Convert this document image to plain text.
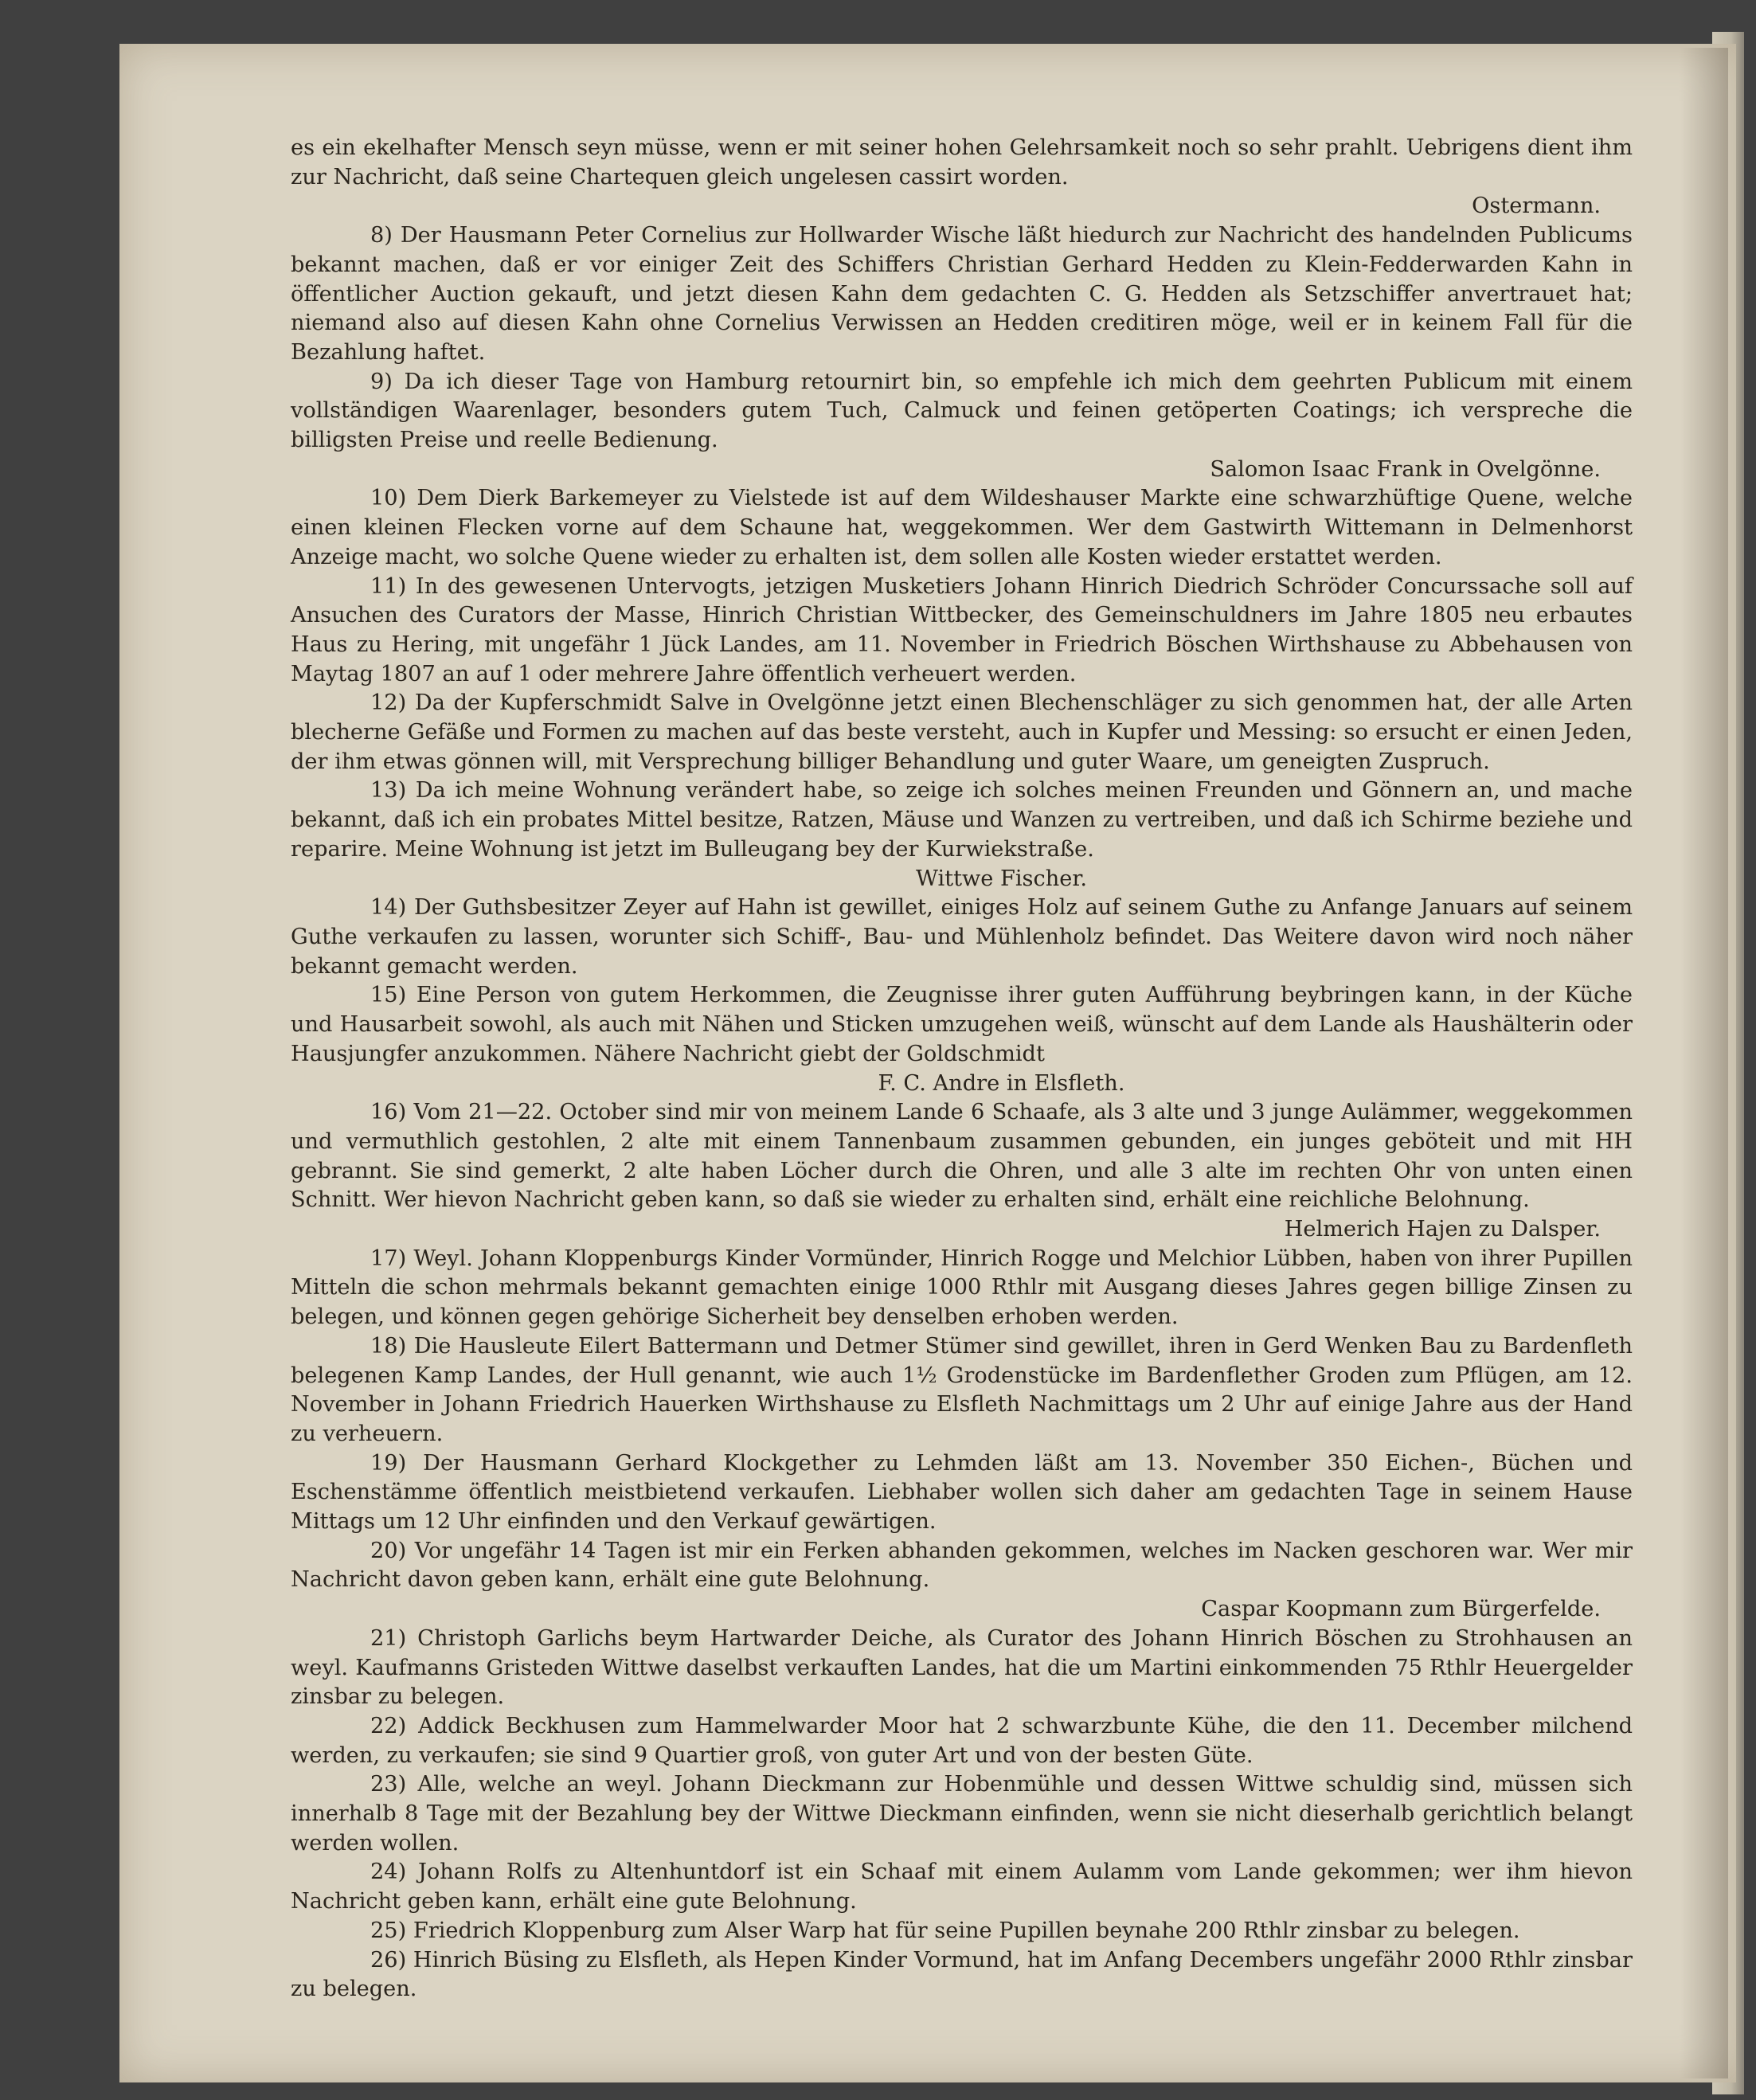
es ein ekelhafter Mensch seyn müsse, wenn er mit seiner hohen Gelehrsamkeit noch so sehr prahlt. Uebrigens dient ihm zur Nachricht, daß seine Chartequen gleich ungelesen cassirt worden.
Ostermann.

8) Der Hausmann Peter Cornelius zur Hollwarder Wische läßt hiedurch zur Nachricht des handelnden Publicums bekannt machen, daß er vor einiger Zeit des Schiffers Christian Gerhard Hedden zu Klein-Fedderwarden Kahn in öffentlicher Auction gekauft, und jetzt diesen Kahn dem gedachten C. G. Hedden als Setzschiffer anvertrauet hat; niemand also auf diesen Kahn ohne Cornelius Verwissen an Hedden creditiren möge, weil er in keinem Fall für die Bezahlung haftet.

9) Da ich dieser Tage von Hamburg retournirt bin, so empfehle ich mich dem geehrten Publicum mit einem vollständigen Waarenlager, besonders gutem Tuch, Calmuck und feinen getöperten Coatings; ich verspreche die billigsten Preise und reelle Bedienung.
Salomon Isaac Frank in Ovelgönne.

10) Dem Dierk Barkemeyer zu Vielstede ist auf dem Wildeshauser Markte eine schwarzhüftige Quene, welche einen kleinen Flecken vorne auf dem Schaune hat, weggekommen. Wer dem Gastwirth Wittemann in Delmenhorst Anzeige macht, wo solche Quene wieder zu erhalten ist, dem sollen alle Kosten wieder erstattet werden.

11) In des gewesenen Untervogts, jetzigen Musketiers Johann Hinrich Diedrich Schröder Concurssache soll auf Ansuchen des Curators der Masse, Hinrich Christian Wittbecker, des Gemeinschuldners im Jahre 1805 neu erbautes Haus zu Hering, mit ungefähr 1 Jück Landes, am 11. November in Friedrich Böschen Wirthshause zu Abbehausen von Maytag 1807 an auf 1 oder mehrere Jahre öffentlich verheuert werden.

12) Da der Kupferschmidt Salve in Ovelgönne jetzt einen Blechenschläger zu sich genommen hat, der alle Arten blecherne Gefäße und Formen zu machen auf das beste versteht, auch in Kupfer und Messing: so ersucht er einen Jeden, der ihm etwas gönnen will, mit Versprechung billiger Behandlung und guter Waare, um geneigten Zuspruch.

13) Da ich meine Wohnung verändert habe, so zeige ich solches meinen Freunden und Gönnern an, und mache bekannt, daß ich ein probates Mittel besitze, Ratzen, Mäuse und Wanzen zu vertreiben, und daß ich Schirme beziehe und reparire. Meine Wohnung ist jetzt im Bulleugang bey der Kurwiekstraße.
Wittwe Fischer.

14) Der Guthsbesitzer Zeyer auf Hahn ist gewillet, einiges Holz auf seinem Guthe zu Anfange Januars auf seinem Guthe verkaufen zu lassen, worunter sich Schiff-, Bau- und Mühlenholz befindet. Das Weitere davon wird noch näher bekannt gemacht werden.

15) Eine Person von gutem Herkommen, die Zeugnisse ihrer guten Aufführung beybringen kann, in der Küche und Hausarbeit sowohl, als auch mit Nähen und Sticken umzugehen weiß, wünscht auf dem Lande als Haushälterin oder Hausjungfer anzukommen. Nähere Nachricht giebt der Goldschmidt
F. C. Andre in Elsfleth.

16) Vom 21—22. October sind mir von meinem Lande 6 Schaafe, als 3 alte und 3 junge Aulämmer, weggekommen und vermuthlich gestohlen, 2 alte mit einem Tannenbaum zusammen gebunden, ein junges geböteit und mit HH gebrannt. Sie sind gemerkt, 2 alte haben Löcher durch die Ohren, und alle 3 alte im rechten Ohr von unten einen Schnitt. Wer hievon Nachricht geben kann, so daß sie wieder zu erhalten sind, erhält eine reichliche Belohnung.
Helmerich Hajen zu Dalsper.

17) Weyl. Johann Kloppenburgs Kinder Vormünder, Hinrich Rogge und Melchior Lübben, haben von ihrer Pupillen Mitteln die schon mehrmals bekannt gemachten einige 1000 Rthlr mit Ausgang dieses Jahres gegen billige Zinsen zu belegen, und können gegen gehörige Sicherheit bey denselben erhoben werden.

18) Die Hausleute Eilert Battermann und Detmer Stümer sind gewillet, ihren in Gerd Wenken Bau zu Bardenfleth belegenen Kamp Landes, der Hull genannt, wie auch 1½ Grodenstücke im Bardenflether Groden zum Pflügen, am 12. November in Johann Friedrich Hauerken Wirthshause zu Elsfleth Nachmittags um 2 Uhr auf einige Jahre aus der Hand zu verheuern.

19) Der Hausmann Gerhard Klockgether zu Lehmden läßt am 13. November 350 Eichen-, Büchen und Eschenstämme öffentlich meistbietend verkaufen. Liebhaber wollen sich daher am gedachten Tage in seinem Hause Mittags um 12 Uhr einfinden und den Verkauf gewärtigen.

20) Vor ungefähr 14 Tagen ist mir ein Ferken abhanden gekommen, welches im Nacken geschoren war. Wer mir Nachricht davon geben kann, erhält eine gute Belohnung.
Caspar Koopmann zum Bürgerfelde.

21) Christoph Garlichs beym Hartwarder Deiche, als Curator des Johann Hinrich Böschen zu Strohhausen an weyl. Kaufmanns Gristeden Wittwe daselbst verkauften Landes, hat die um Martini einkommenden 75 Rthlr Heuergelder zinsbar zu belegen.

22) Addick Beckhusen zum Hammelwarder Moor hat 2 schwarzbunte Kühe, die den 11. December milchend werden, zu verkaufen; sie sind 9 Quartier groß, von guter Art und von der besten Güte.

23) Alle, welche an weyl. Johann Dieckmann zur Hobenmühle und dessen Wittwe schuldig sind, müssen sich innerhalb 8 Tage mit der Bezahlung bey der Wittwe Dieckmann einfinden, wenn sie nicht dieserhalb gerichtlich belangt werden wollen.

24) Johann Rolfs zu Altenhuntdorf ist ein Schaaf mit einem Aulamm vom Lande gekommen; wer ihm hievon Nachricht geben kann, erhält eine gute Belohnung.

25) Friedrich Kloppenburg zum Alser Warp hat für seine Pupillen beynahe 200 Rthlr zinsbar zu belegen.

26) Hinrich Büsing zu Elsfleth, als Hepen Kinder Vormund, hat im Anfang Decembers ungefähr 2000 Rthlr zinsbar zu belegen.
